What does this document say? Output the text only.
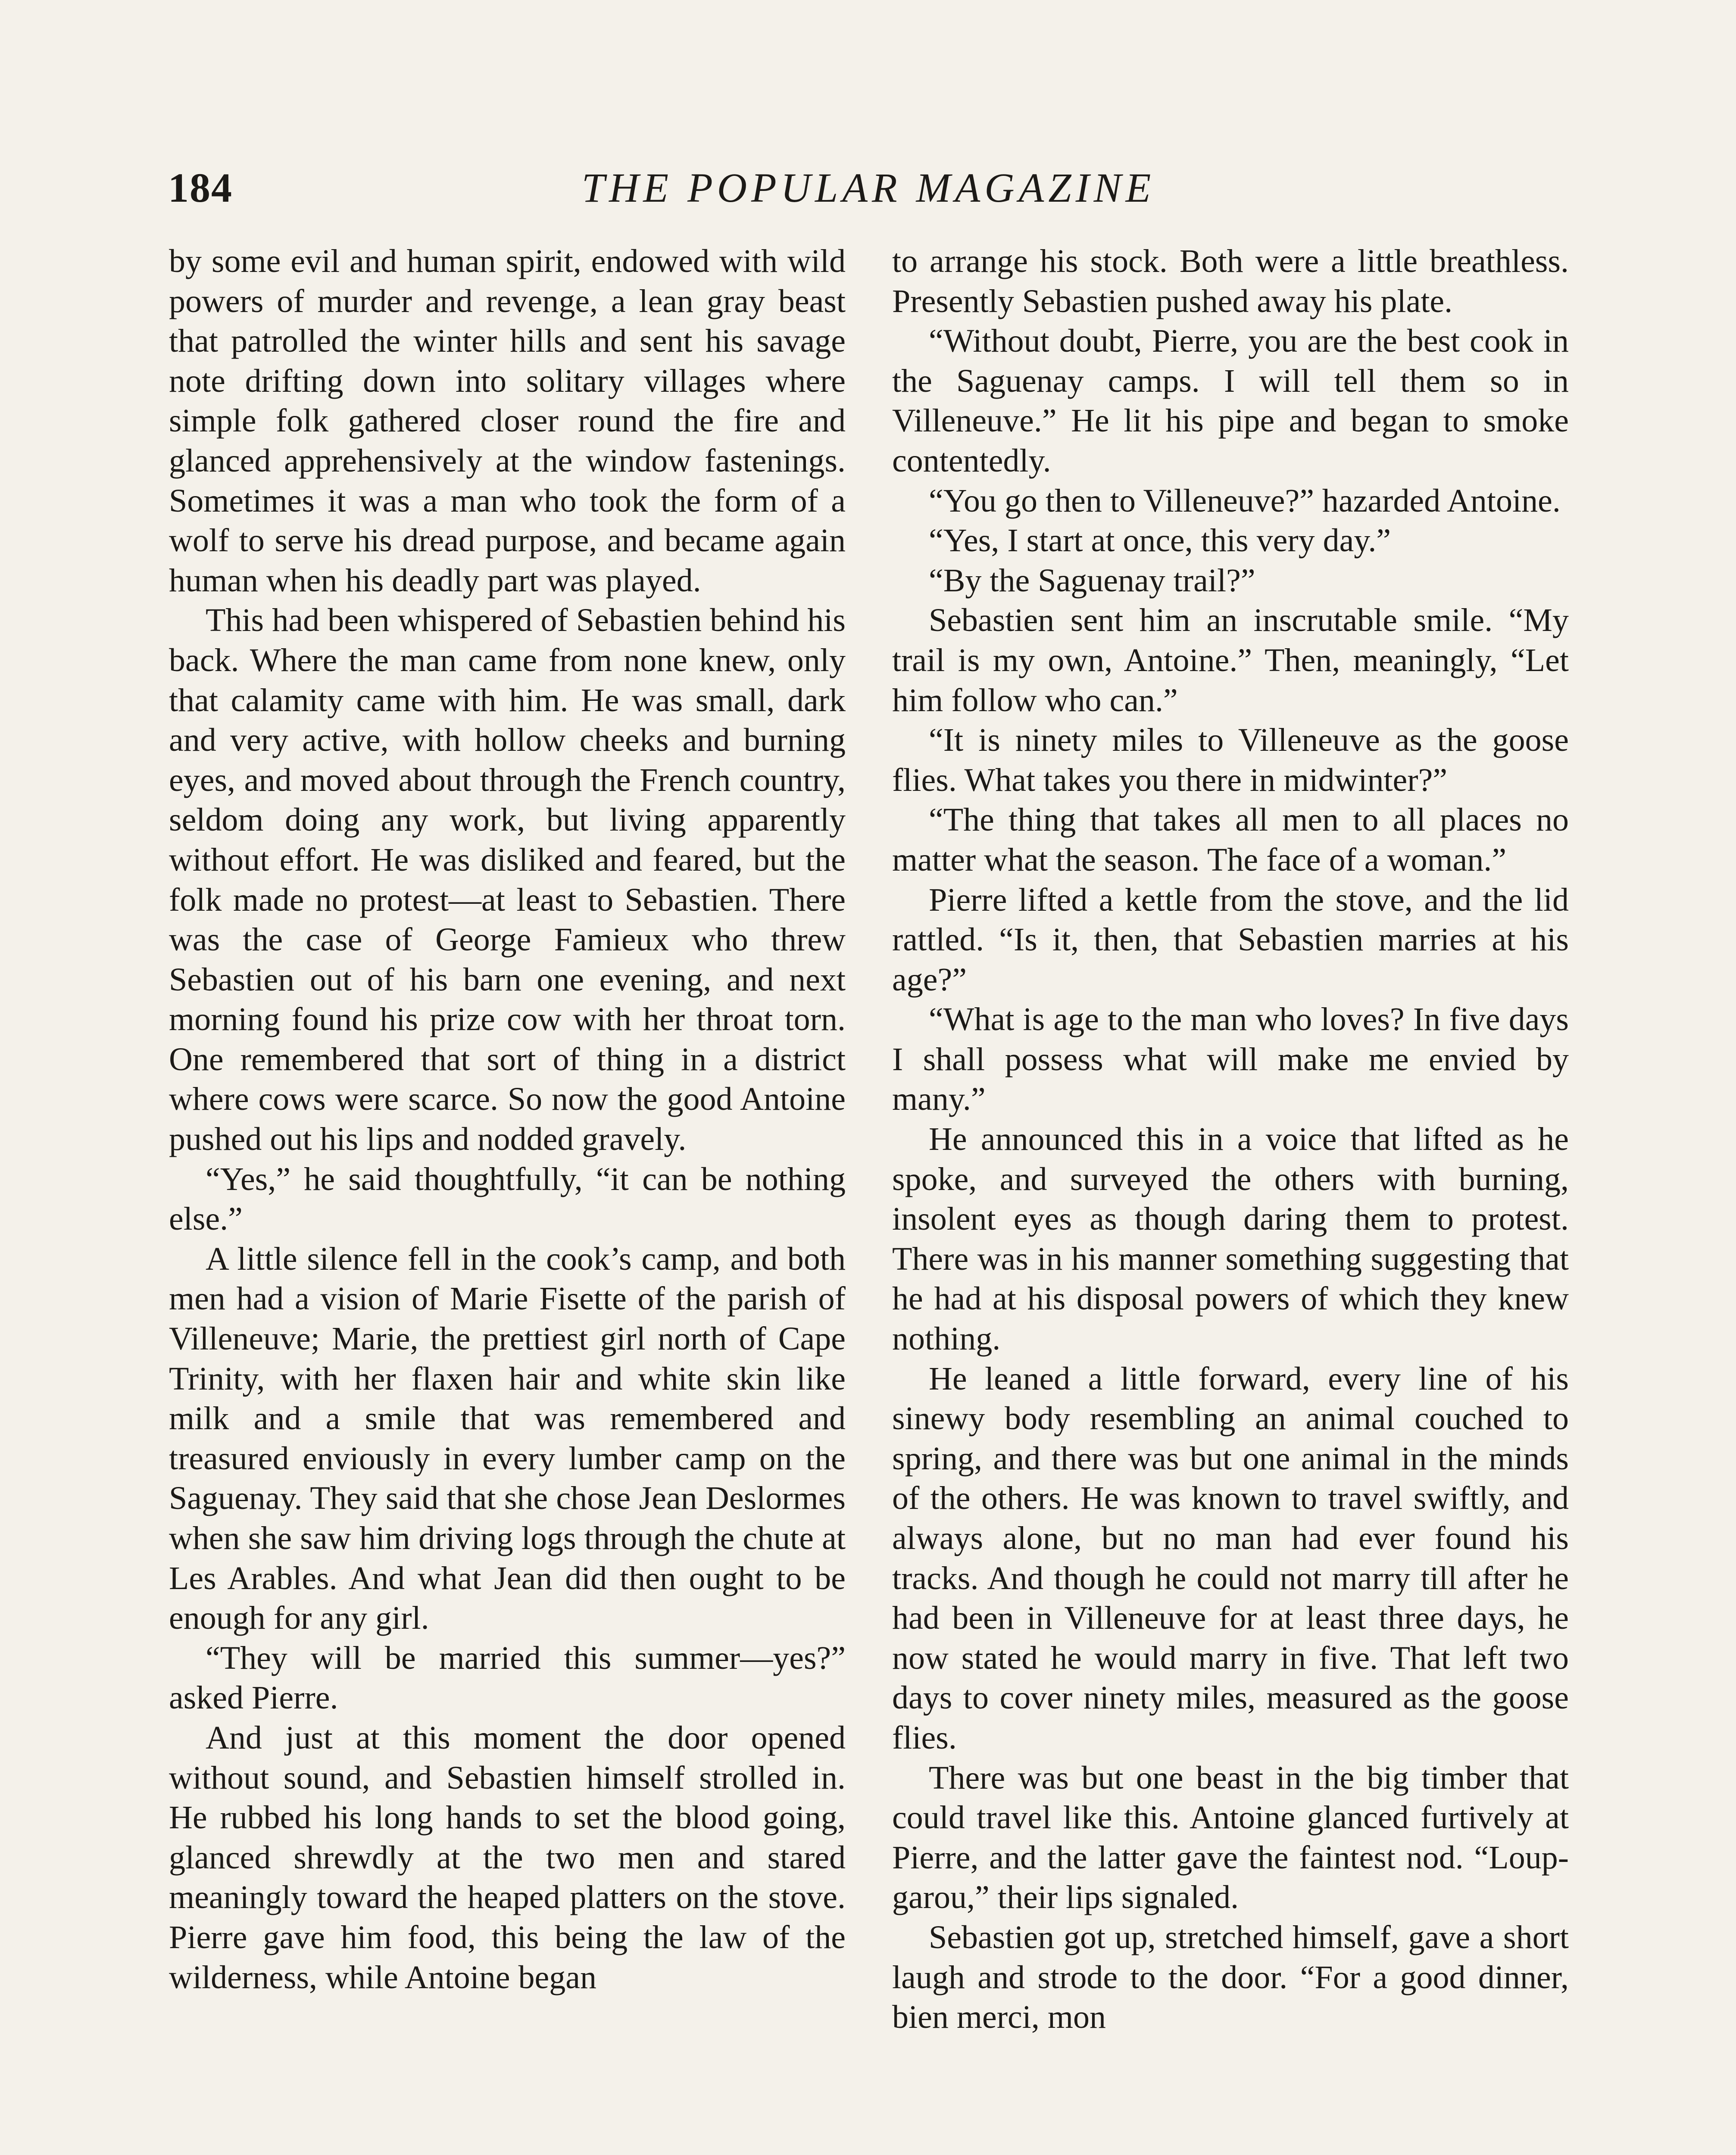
184	THE POPULAR MAGAZINE

by some evil and human spirit, endowed with wild powers of murder and revenge, a lean gray beast that patrolled the winter hills and sent his savage note drifting down into solitary villages where simple folk gathered closer round the fire and glanced apprehensively at the window fastenings. Sometimes it was a man who took the form of a wolf to serve his dread purpose, and became again human when his deadly part was played.

This had been whispered of Sebastien behind his back. Where the man came from none knew, only that calamity came with him. He was small, dark and very active, with hollow cheeks and burning eyes, and moved about through the French country, seldom doing any work, but living apparently without effort. He was disliked and feared, but the folk made no protest—at least to Sebastien. There was the case of George Famieux who threw Sebastien out of his barn one evening, and next morning found his prize cow with her throat torn. One remembered that sort of thing in a district where cows were scarce. So now the good Antoine pushed out his lips and nodded gravely.

“Yes,” he said thoughtfully, “it can be nothing else.”

A little silence fell in the cook’s camp, and both men had a vision of Marie Fisette of the parish of Villeneuve; Marie, the prettiest girl north of Cape Trinity, with her flaxen hair and white skin like milk and a smile that was remembered and treasured enviously in every lumber camp on the Saguenay. They said that she chose Jean Deslormes when she saw him driving logs through the chute at Les Arables. And what Jean did then ought to be enough for any girl.

“They will be married this summer—yes?” asked Pierre.

And just at this moment the door opened without sound, and Sebastien himself strolled in. He rubbed his long hands to set the blood going, glanced shrewdly at the two men and stared meaningly toward the heaped platters on the stove. Pierre gave him food, this being the law of the wilderness, while Antoine began

to arrange his stock. Both were a little breathless. Presently Sebastien pushed away his plate.

“Without doubt, Pierre, you are the best cook in the Saguenay camps. I will tell them so in Villeneuve.” He lit his pipe and began to smoke contentedly.

“You go then to Villeneuve?” hazarded Antoine.

“Yes, I start at once, this very day.”

“By the Saguenay trail?”

Sebastien sent him an inscrutable smile. “My trail is my own, Antoine.” Then, meaningly, “Let him follow who can.”

“It is ninety miles to Villeneuve as the goose flies. What takes you there in midwinter?”

“The thing that takes all men to all places no matter what the season. The face of a woman.”

Pierre lifted a kettle from the stove, and the lid rattled. “Is it, then, that Sebastien marries at his age?”

“What is age to the man who loves? In five days I shall possess what will make me envied by many.”

He announced this in a voice that lifted as he spoke, and surveyed the others with burning, insolent eyes as though daring them to protest. There was in his manner something suggesting that he had at his disposal powers of which they knew nothing.

He leaned a little forward, every line of his sinewy body resembling an animal couched to spring, and there was but one animal in the minds of the others. He was known to travel swiftly, and always alone, but no man had ever found his tracks. And though he could not marry till after he had been in Villeneuve for at least three days, he now stated he would marry in five. That left two days to cover ninety miles, measured as the goose flies.

There was but one beast in the big timber that could travel like this. Antoine glanced furtively at Pierre, and the latter gave the faintest nod. “Loup-garou,” their lips signaled.

Sebastien got up, stretched himself, gave a short laugh and strode to the door. “For a good dinner, bien merci, mon
